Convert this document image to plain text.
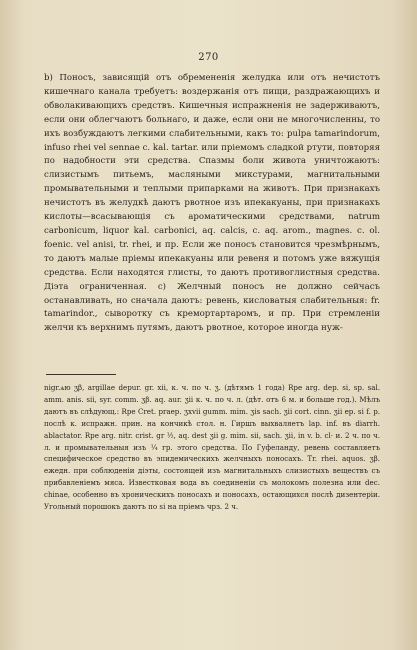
270

b) Поносъ, зависящій отъ обремененія желудка или отъ нечистотъ кишечнаго канала требуетъ: воздержанія отъ пищи, раздражающихъ и обволакивающихъ средствъ. Кишечныя испражненія не задерживаютъ, если они облегчаютъ больнаго, и даже, если они не многочисленны, то ихъ возбуждаютъ легкими слабительными, какъ то: pulpa tamarindorum, infuso rhei vel sennae c. kal. tartar. или пріемомъ сладкой ртути, повторяя по надобности эти средства. Спазмы боли живота уничтожаютъ: слизистымъ питьемъ, масляными микстурами, магнитальными промывательными и теплыми припарками на животъ. При признакахъ нечистотъ въ желудкѣ даютъ рвотное изъ ипекакуаны, при признакахъ кислоты—всасывающія съ ароматическими средствами, natrum carbonicum, liquor kal. carbonici, aq. calcis, c. aq. arom., magnes. c. ol. foenic. vel anisi, tr. rhei, и пр. Если же поносъ становится чрезмѣрнымъ, то даютъ малые пріемы ипекакуаны или ревеня и потомъ уже вяжущія средства. Если находятся глисты, то даютъ противоглистныя средства. Діэта ограниченная. c) Желчный поносъ не должно сейчасъ останавливать, но сначала даютъ: ревень, кисловатыя слабительныя: fr. tamarindor., сыворотку съ кремортартаромъ, и пр. При стремленіи желчи къ верхнимъ путямъ, даютъ рвотное, которое иногда нуж-

nigr.ѧю ʒβ, argillae depur. gr. xii, к. ч. по ч. ʒ. (дѣтямъ 1 года) Rpe arg. dep. si, sp. sal. amm. anis. sii, syr. comm. ʒβ. aq. aur. ʒii к. ч. по ч. л. (дѣт. отъ 6 м. и больше год.). Мѣлъ даютъ въ слѣдующ.: Rpe Cret. praep. ʒxvii gumm. mim. ʒis sach. ʒii cort. cinn. ʒii ep. si f. p. послѣ к. испражн. прин. на кончикѣ стол. н. Гиршъ выхваляетъ lap. inf. въ diarrh. ablactator. Rpe arg. nitr. crist. gr ½, aq. dest ʒii g. mim. sii, sach. ʒii, in v. b. cl· и. 2 ч. по ч. л. и промывательныя изъ ¼ гр. этого средства. По Гуфеланду, ревень составляетъ специфическое средство въ эпидемическихъ желчныхъ поносахъ. Tr. rhei. aquos. ʒβ. ежедн. при соблюденіи діэты, состоящей изъ магнитальныхъ слизистыхъ веществъ съ прибавленіемъ мяса. Известковая вода въ соединеніи съ молокомъ полезна или dec. chinae, особенно въ хроническихъ поносахъ и поносахъ, остающихся послѣ дизентеріи. Угольный порошокъ даютъ по si на пріемъ чрз. 2 ч.
